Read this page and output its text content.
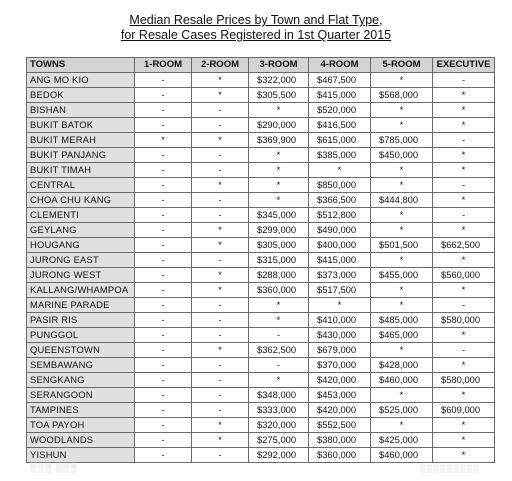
Median Resale Prices by Town and Flat Type,
for Resale Cases Registered in 1st Quarter 2015
TOWNS	1-ROOM	2-ROOM	3-ROOM	4-ROOM	5-ROOM	EXECUTIVE
ANG MO KIO	-	*	$322,000	$467,500	*	-
BEDOK	-	*	$305,500	$415,000	$568,000	*
BISHAN	-	-	*	$520,000	*	*
BUKIT BATOK	-	-	$290,000	$416,500	*	*
BUKIT MERAH	*	*	$369,900	$615,000	$785,000	-
BUKIT PANJANG	-	-	*	$385,000	$450,000	*
BUKIT TIMAH	-	-	*	*	*	*
CENTRAL	-	*	*	$850,000	*	-
CHOA CHU KANG	-	-	*	$366,500	$444,800	*
CLEMENTI	-	-	$345,000	$512,800	*	-
GEYLANG	-	*	$299,000	$490,000	*	*
HOUGANG	-	*	$305,000	$400,000	$501,500	$662,500
JURONG EAST	-	-	$315,000	$415,000	*	*
JURONG WEST	-	*	$288,000	$373,000	$455,000	$560,000
KALLANG/WHAMPOA	-	*	$360,000	$517,500	*	*
MARINE PARADE	-	-	*	*	*	-
PASIR RIS	-	-	*	$410,000	$485,000	$580,000
PUNGGOL	-	-	-	$430,000	$465,000	*
QUEENSTOWN	-	*	$362,500	$679,000	*	-
SEMBAWANG	-	-	-	$370,000	$428,000	*
SENGKANG	-	-	*	$420,000	$460,000	$580,000
SERANGOON	-	-	$348,000	$453,000	*	*
TAMPINES	-	-	$333,000	$420,000	$525,000	$609,000
TOA PAYOH	-	*	$320,000	$552,500	*	*
WOODLANDS	-	*	$275,000	$380,000	$425,000	*
YISHUN	-	-	$292,000	$360,000	$460,000	*
▒▒▒ ▒▒▒	▒▒▒▒▒▒▒▒▒
